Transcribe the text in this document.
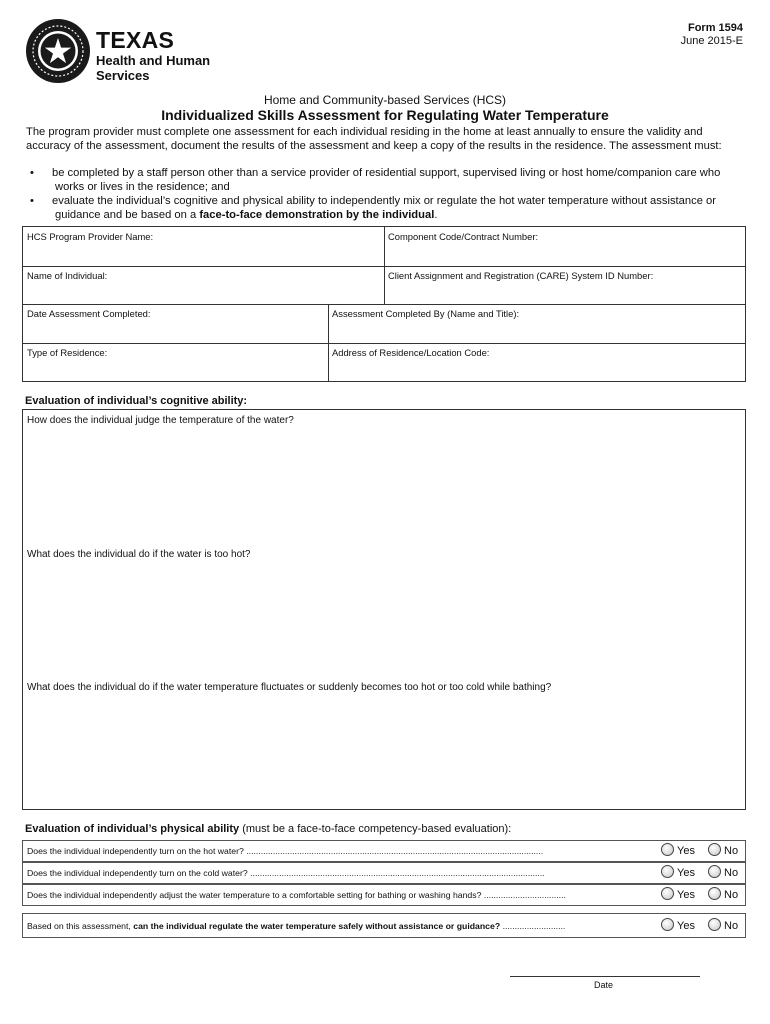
TEXAS
Health and Human
Services
Form 1594
June 2015-E
Home and Community-based Services (HCS)
Individualized Skills Assessment for Regulating Water Temperature
The program provider must complete one assessment for each individual residing in the home at least annually to ensure the validity and accuracy of the assessment, document the results of the assessment and keep a copy of the results in the residence. The assessment must:
• be completed by a staff person other than a service provider of residential support, supervised living or host home/companion care who
works or lives in the residence; and
• evaluate the individual’s cognitive and physical ability to independently mix or regulate the hot water temperature without assistance or
guidance and be based on a face-to-face demonstration by the individual.
HCS Program Provider Name:	Component Code/Contract Number:
Name of Individual:	Client Assignment and Registration (CARE) System ID Number:
Date Assessment Completed:	Assessment Completed By (Name and Title):
Type of Residence:	Address of Residence/Location Code:
Evaluation of individual’s cognitive ability:
How does the individual judge the temperature of the water?
What does the individual do if the water is too hot?
What does the individual do if the water temperature fluctuates or suddenly becomes too hot or too cold while bathing?
Evaluation of individual’s physical ability (must be a face-to-face competency-based evaluation):
Does the individual independently turn on the hot water? ...........................................................................................................................	Yes	No
Does the individual independently turn on the cold water? ..........................................................................................................................	Yes	No
Does the individual independently adjust the water temperature to a comfortable setting for bathing or washing hands? ..................................	Yes	No
Based on this assessment, can the individual regulate the water temperature safely without assistance or guidance? ..........................	Yes	No
Date
